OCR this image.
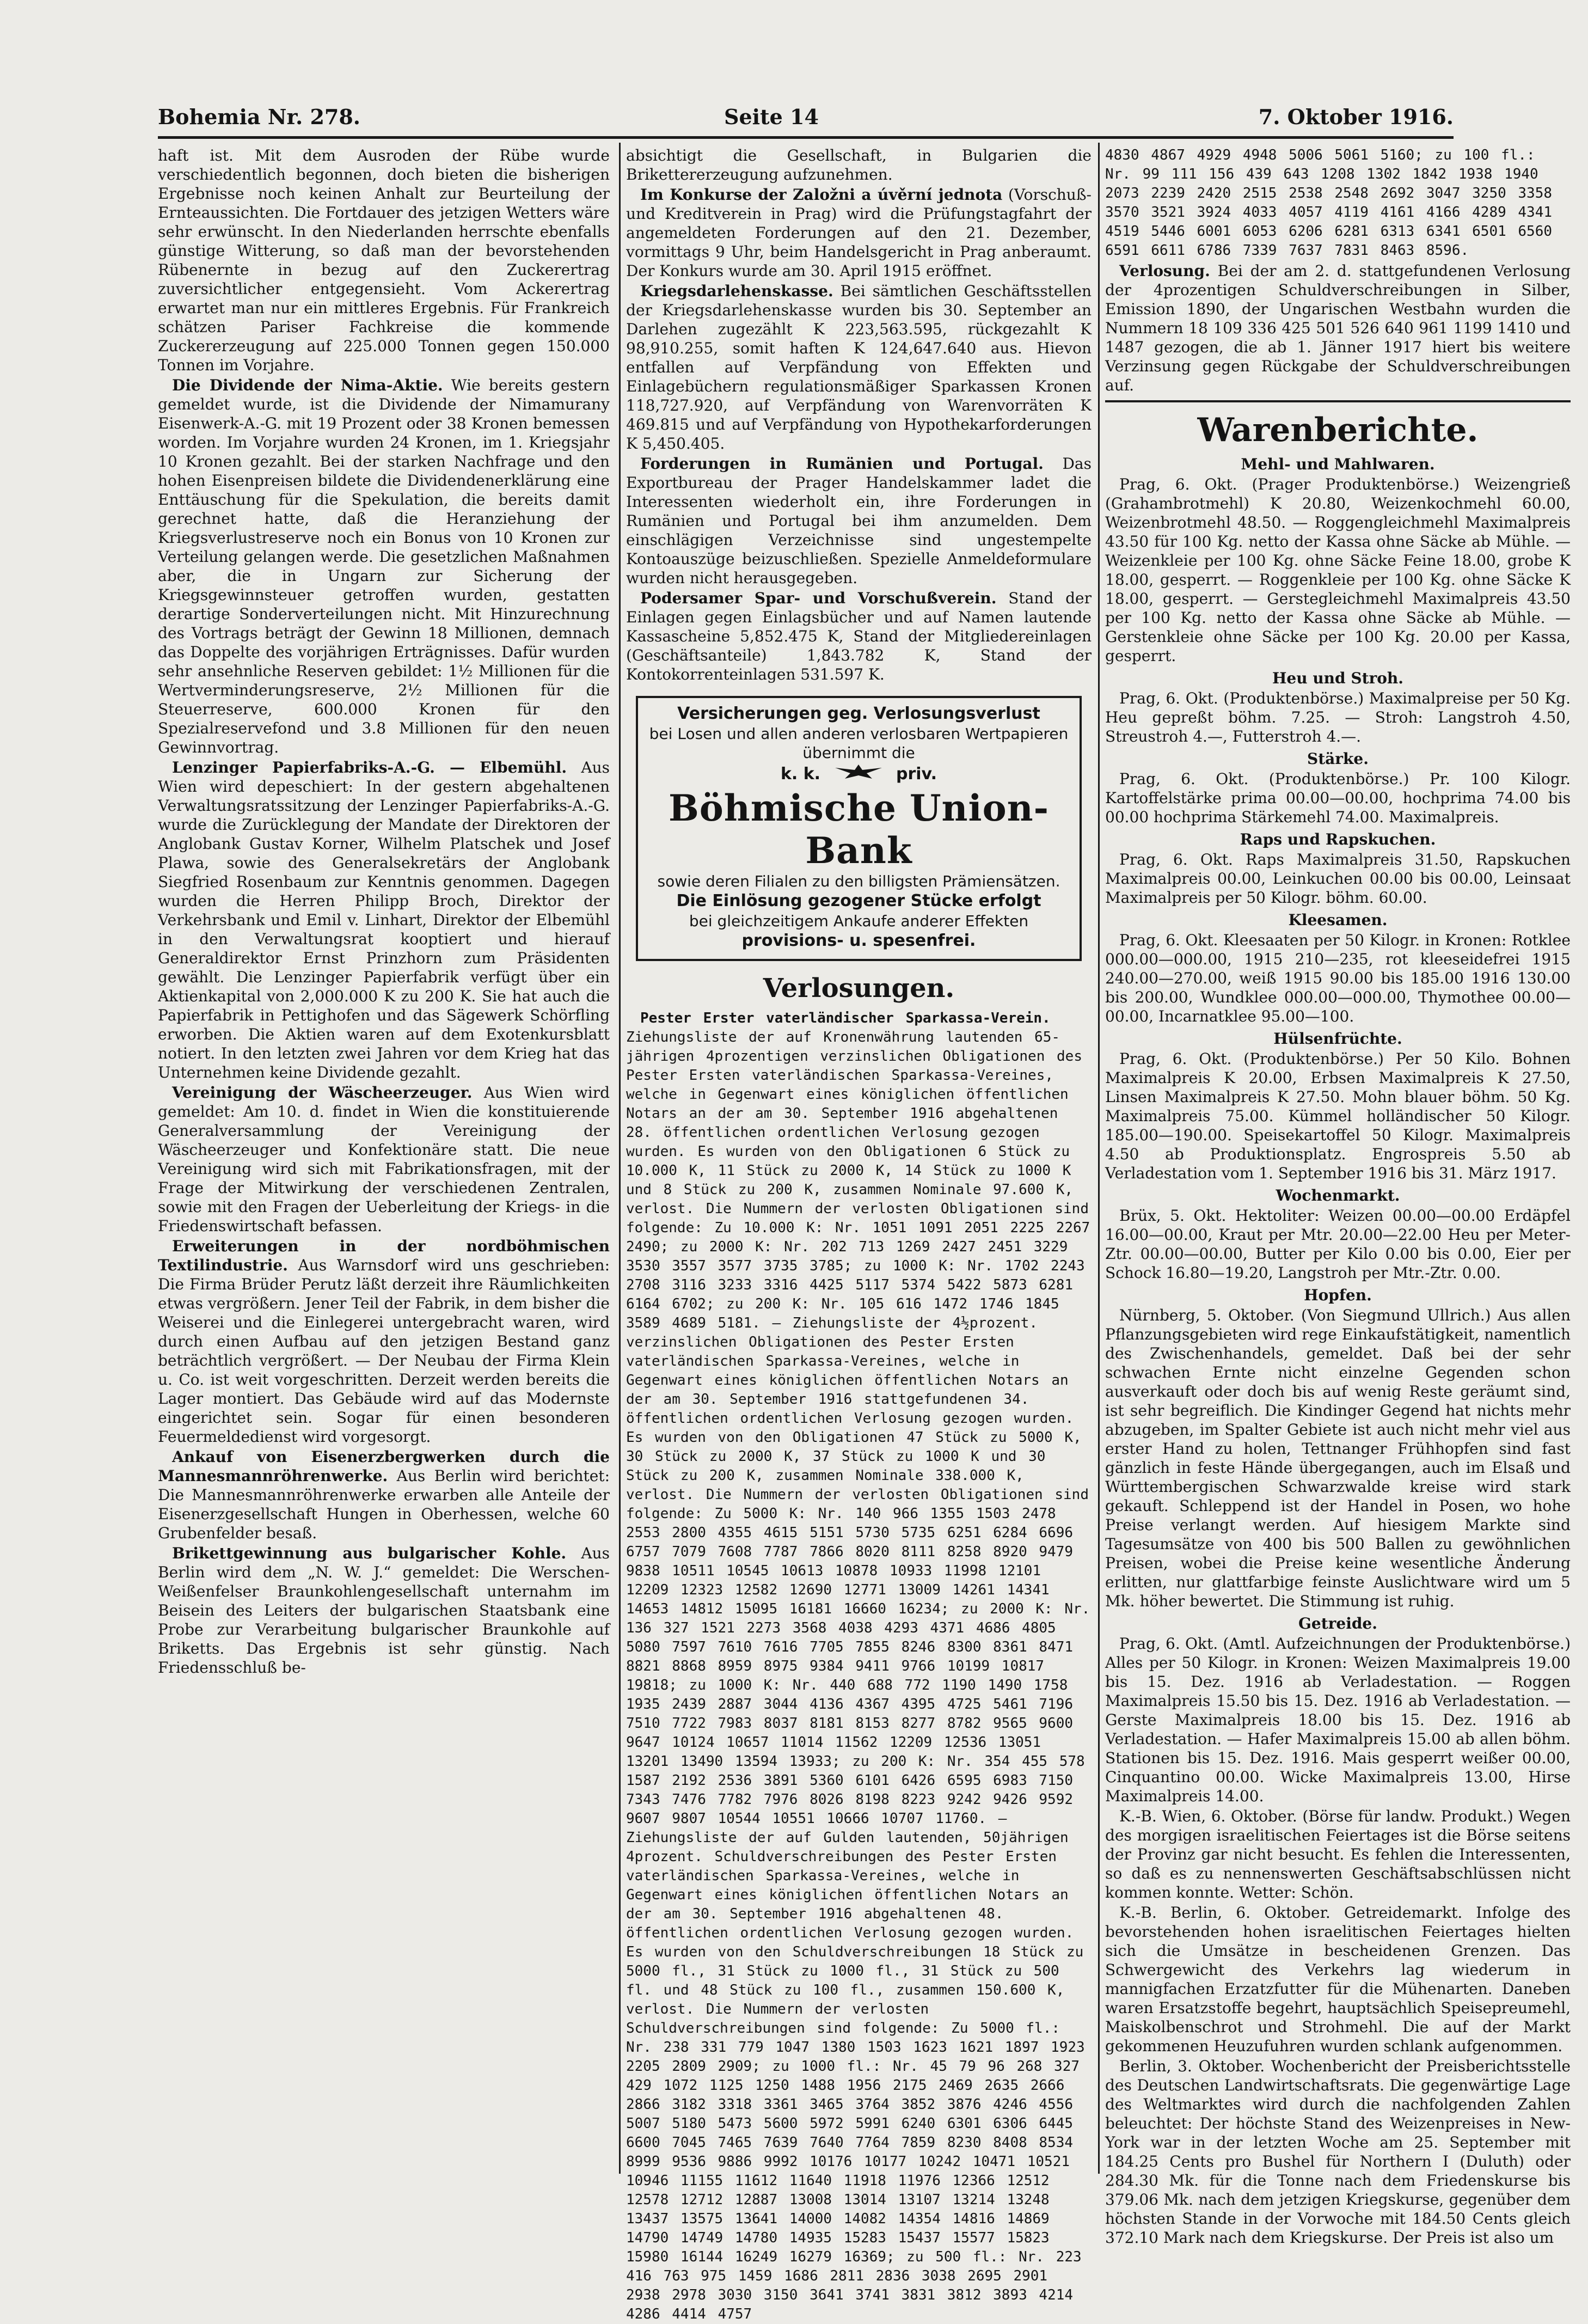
Bohemia Nr. 278.	Seite 14	7. Oktober 1916.

haft ist. Mit dem Ausroden der Rübe wurde verschiedentlich begonnen, doch bieten die bisherigen Ergebnisse noch keinen Anhalt zur Beurteilung der Ernteaussichten. Die Fortdauer des jetzigen Wetters wäre sehr erwünscht. In den Niederlanden herrschte ebenfalls günstige Witterung, so daß man der bevorstehenden Rübenernte in bezug auf den Zuckerertrag zuversichtlicher entgegensieht. Vom Ackerertrag erwartet man nur ein mittleres Ergebnis. Für Frankreich schätzen Pariser Fachkreise die kommende Zuckererzeugung auf 225.000 Tonnen gegen 150.000 Tonnen im Vorjahre.

Die Dividende der Nima-Aktie. Wie bereits gestern gemeldet wurde, ist die Dividende der Nimamurany Eisenwerk-A.-G. mit 19 Prozent oder 38 Kronen bemessen worden. Im Vorjahre wurden 24 Kronen, im 1. Kriegsjahr 10 Kronen gezahlt. Bei der starken Nachfrage und den hohen Eisenpreisen bildete die Dividendenerklärung eine Enttäuschung für die Spekulation, die bereits damit gerechnet hatte, daß die Heranziehung der Kriegsverlustreserve noch ein Bonus von 10 Kronen zur Verteilung gelangen werde. Die gesetzlichen Maßnahmen aber, die in Ungarn zur Sicherung der Kriegsgewinnsteuer getroffen wurden, gestatten derartige Sonderverteilungen nicht. Mit Hinzurechnung des Vortrags beträgt der Gewinn 18 Millionen, demnach das Doppelte des vorjährigen Erträgnisses. Dafür wurden sehr ansehnliche Reserven gebildet: 1½ Millionen für die Wertverminderungsreserve, 2½ Millionen für die Steuerreserve, 600.000 Kronen für den Spezialreservefond und 3.8 Millionen für den neuen Gewinnvortrag.

Lenzinger Papierfabriks-A.-G. — Elbemühl. Aus Wien wird depeschiert: In der gestern abgehaltenen Verwaltungsratssitzung der Lenzinger Papierfabriks-A.-G. wurde die Zurücklegung der Mandate der Direktoren der Anglobank Gustav Korner, Wilhelm Platschek und Josef Plawa, sowie des Generalsekretärs der Anglobank Siegfried Rosenbaum zur Kenntnis genommen. Dagegen wurden die Herren Philipp Broch, Direktor der Verkehrsbank und Emil v. Linhart, Direktor der Elbemühl in den Verwaltungsrat kooptiert und hierauf Generaldirektor Ernst Prinzhorn zum Präsidenten gewählt. Die Lenzinger Papierfabrik verfügt über ein Aktienkapital von 2,000.000 K zu 200 K. Sie hat auch die Papierfabrik in Pettighofen und das Sägewerk Schörfling erworben. Die Aktien waren auf dem Exotenkursblatt notiert. In den letzten zwei Jahren vor dem Krieg hat das Unternehmen keine Dividende gezahlt.

Vereinigung der Wäscheerzeuger. Aus Wien wird gemeldet: Am 10. d. findet in Wien die konstituierende Generalversammlung der Vereinigung der Wäscheerzeuger und Konfektionäre statt. Die neue Vereinigung wird sich mit Fabrikationsfragen, mit der Frage der Mitwirkung der verschiedenen Zentralen, sowie mit den Fragen der Ueberleitung der Kriegs- in die Friedenswirtschaft befassen.

Erweiterungen in der nordböhmischen Textilindustrie. Aus Warnsdorf wird uns geschrieben: Die Firma Brüder Perutz läßt derzeit ihre Räumlichkeiten etwas vergrößern. Jener Teil der Fabrik, in dem bisher die Weiserei und die Einlegerei untergebracht waren, wird durch einen Aufbau auf den jetzigen Bestand ganz beträchtlich vergrößert. — Der Neubau der Firma Klein u. Co. ist weit vorgeschritten. Derzeit werden bereits die Lager montiert. Das Gebäude wird auf das Modernste eingerichtet sein. Sogar für einen besonderen Feuermeldedienst wird vorgesorgt.

Ankauf von Eisenerzbergwerken durch die Mannesmannröhrenwerke. Aus Berlin wird berichtet: Die Mannesmannröhrenwerke erwarben alle Anteile der Eisenerzgesellschaft Hungen in Oberhessen, welche 60 Grubenfelder besaß.

Brikettgewinnung aus bulgarischer Kohle. Aus Berlin wird dem „N. W. J.“ gemeldet: Die Werschen-Weißenfelser Braunkohlengesellschaft unternahm im Beisein des Leiters der bulgarischen Staatsbank eine Probe zur Verarbeitung bulgarischer Braunkohle auf Briketts. Das Ergebnis ist sehr günstig. Nach Friedensschluß be-

absichtigt die Gesellschaft, in Bulgarien die Brikettererzeugung aufzunehmen.

Im Konkurse der Založni a úvěrní jednota (Vorschuß- und Kreditverein in Prag) wird die Prüfungstagfahrt der angemeldeten Forderungen auf den 21. Dezember, vormittags 9 Uhr, beim Handelsgericht in Prag anberaumt. Der Konkurs wurde am 30. April 1915 eröffnet.

Kriegsdarlehenskasse. Bei sämtlichen Geschäftsstellen der Kriegsdarlehenskasse wurden bis 30. September an Darlehen zugezählt K 223,563.595, rückgezahlt K 98,910.255, somit haften K 124,647.640 aus. Hievon entfallen auf Verpfändung von Effekten und Einlagebüchern regulationsmäßiger Sparkassen Kronen 118,727.920, auf Verpfändung von Warenvorräten K 469.815 und auf Verpfändung von Hypothekarforderungen K 5,450.405.

Forderungen in Rumänien und Portugal. Das Exportbureau der Prager Handelskammer ladet die Interessenten wiederholt ein, ihre Forderungen in Rumänien und Portugal bei ihm anzumelden. Dem einschlägigen Verzeichnisse sind ungestempelte Kontoauszüge beizuschließen. Spezielle Anmeldeformulare wurden nicht herausgegeben.

Podersamer Spar- und Vorschußverein. Stand der Einlagen gegen Einlagsbücher und auf Namen lautende Kassascheine 5,852.475 K, Stand der Mitgliedereinlagen (Geschäftsanteile) 1,843.782 K, Stand der Kontokorrenteinlagen 531.597 K.

Versicherungen geg. Verlosungsverlust
bei Losen und allen anderen verlosbaren Wertpapieren übernimmt die
k. k.	priv.
Böhmische Union-Bank
sowie deren Filialen zu den billigsten Prämiensätzen.
Die Einlösung gezogener Stücke erfolgt
bei gleichzeitigem Ankaufe anderer Effekten
provisions- u. spesenfrei.
Verlosungen.

Pester Erster vaterländischer Sparkassa-Verein. Ziehungsliste der auf Kronenwährung lautenden 65-jährigen 4prozentigen verzinslichen Obligationen des Pester Ersten vaterländischen Sparkassa-Vereines, welche in Gegenwart eines königlichen öffentlichen Notars an der am 30. September 1916 abgehaltenen 28. öffentlichen ordentlichen Verlosung gezogen wurden. Es wurden von den Obligationen 6 Stück zu 10.000 K, 11 Stück zu 2000 K, 14 Stück zu 1000 K und 8 Stück zu 200 K, zusammen Nominale 97.600 K, verlost. Die Nummern der verlosten Obligationen sind folgende: Zu 10.000 K: Nr. 1051 1091 2051 2225 2267 2490; zu 2000 K: Nr. 202 713 1269 2427 2451 3229 3530 3557 3577 3735 3785; zu 1000 K: Nr. 1702 2243 2708 3116 3233 3316 4425 5117 5374 5422 5873 6281 6164 6702; zu 200 K: Nr. 105 616 1472 1746 1845 3589 4689 5181. — Ziehungsliste der 4½prozent. verzinslichen Obligationen des Pester Ersten vaterländischen Sparkassa-Vereines, welche in Gegenwart eines königlichen öffentlichen Notars an der am 30. September 1916 stattgefundenen 34. öffentlichen ordentlichen Verlosung gezogen wurden. Es wurden von den Obligationen 47 Stück zu 5000 K, 30 Stück zu 2000 K, 37 Stück zu 1000 K und 30 Stück zu 200 K, zusammen Nominale 338.000 K, verlost. Die Nummern der verlosten Obligationen sind folgende: Zu 5000 K: Nr. 140 966 1355 1503 2478 2553 2800 4355 4615 5151 5730 5735 6251 6284 6696 6757 7079 7608 7787 7866 8020 8111 8258 8920 9479 9838 10511 10545 10613 10878 10933 11998 12101 12209 12323 12582 12690 12771 13009 14261 14341 14653 14812 15095 16181 16660 16234; zu 2000 K: Nr. 136 327 1521 2273 3568 4038 4293 4371 4686 4805 5080 7597 7610 7616 7705 7855 8246 8300 8361 8471 8821 8868 8959 8975 9384 9411 9766 10199 10817 19818; zu 1000 K: Nr. 440 688 772 1190 1490 1758 1935 2439 2887 3044 4136 4367 4395 4725 5461 7196 7510 7722 7983 8037 8181 8153 8277 8782 9565 9600 9647 10124 10657 11014 11562 12209 12536 13051 13201 13490 13594 13933; zu 200 K: Nr. 354 455 578 1587 2192 2536 3891 5360 6101 6426 6595 6983 7150 7343 7476 7782 7976 8026 8198 8223 9242 9426 9592 9607 9807 10544 10551 10666 10707 11760. — Ziehungsliste der auf Gulden lautenden, 50jährigen 4prozent. Schuldverschreibungen des Pester Ersten vaterländischen Sparkassa-Vereines, welche in Gegenwart eines königlichen öffentlichen Notars an der am 30. September 1916 abgehaltenen 48. öffentlichen ordentlichen Verlosung gezogen wurden. Es wurden von den Schuldverschreibungen 18 Stück zu 5000 fl., 31 Stück zu 1000 fl., 31 Stück zu 500 fl. und 48 Stück zu 100 fl., zusammen 150.600 K, verlost. Die Nummern der verlosten Schuldverschreibungen sind folgende: Zu 5000 fl.: Nr. 238 331 779 1047 1380 1503 1623 1621 1897 1923 2205 2809 2909; zu 1000 fl.: Nr. 45 79 96 268 327 429 1072 1125 1250 1488 1956 2175 2469 2635 2666 2866 3182 3318 3361 3465 3764 3852 3876 4246 4556 5007 5180 5473 5600 5972 5991 6240 6301 6306 6445 6600 7045 7465 7639 7640 7764 7859 8230 8408 8534 8999 9536 9886 9992 10176 10177 10242 10471 10521 10946 11155 11612 11640 11918 11976 12366 12512 12578 12712 12887 13008 13014 13107 13214 13248 13437 13575 13641 14000 14082 14354 14816 14869 14790 14749 14780 14935 15283 15437 15577 15823 15980 16144 16249 16279 16369; zu 500 fl.: Nr. 223 416 763 975 1459 1686 2811 2836 3038 2695 2901 2938 2978 3030 3150 3641 3741 3831 3812 3893 4214 4286 4414 4757

4830 4867 4929 4948 5006 5061 5160; zu 100 fl.: Nr. 99 111 156 439 643 1208 1302 1842 1938 1940 2073 2239 2420 2515 2538 2548 2692 3047 3250 3358 3570 3521 3924 4033 4057 4119 4161 4166 4289 4341 4519 5446 6001 6053 6206 6281 6313 6341 6501 6560 6591 6611 6786 7339 7637 7831 8463 8596.

Verlosung. Bei der am 2. d. stattgefundenen Verlosung der 4prozentigen Schuldverschreibungen in Silber, Emission 1890, der Ungarischen Westbahn wurden die Nummern 18 109 336 425 501 526 640 961 1199 1410 und 1487 gezogen, die ab 1. Jänner 1917 hiert bis weitere Verzinsung gegen Rückgabe der Schuldverschreibungen auf.

Warenberichte.
Mehl- und Mahlwaren.

Prag, 6. Okt. (Prager Produktenbörse.) Weizengrieß (Grahambrotmehl) K 20.80, Weizenkochmehl 60.00, Weizenbrotmehl 48.50. — Roggengleichmehl Maximalpreis 43.50 für 100 Kg. netto der Kassa ohne Säcke ab Mühle. — Weizenkleie per 100 Kg. ohne Säcke Feine 18.00, grobe K 18.00, gesperrt. — Roggenkleie per 100 Kg. ohne Säcke K 18.00, gesperrt. — Gerstegleichmehl Maximalpreis 43.50 per 100 Kg. netto der Kassa ohne Säcke ab Mühle. — Gerstenkleie ohne Säcke per 100 Kg. 20.00 per Kassa, gesperrt.

Heu und Stroh.

Prag, 6. Okt. (Produktenbörse.) Maximalpreise per 50 Kg. Heu gepreßt böhm. 7.25. — Stroh: Langstroh 4.50, Streustroh 4.—, Futterstroh 4.—.

Stärke.

Prag, 6. Okt. (Produktenbörse.) Pr. 100 Kilogr. Kartoffelstärke prima 00.00—00.00, hochprima 74.00 bis 00.00 hochprima Stärkemehl 74.00. Maximalpreis.

Raps und Rapskuchen.

Prag, 6. Okt. Raps Maximalpreis 31.50, Rapskuchen Maximalpreis 00.00, Leinkuchen 00.00 bis 00.00, Leinsaat Maximalpreis per 50 Kilogr. böhm. 60.00.

Kleesamen.

Prag, 6. Okt. Kleesaaten per 50 Kilogr. in Kronen: Rotklee 000.00—000.00, 1915 210—235, rot kleeseidefrei 1915 240.00—270.00, weiß 1915 90.00 bis 185.00 1916 130.00 bis 200.00, Wundklee 000.00—000.00, Thymothee 00.00—00.00, Incarnatklee 95.00—100.

Hülsenfrüchte.

Prag, 6. Okt. (Produktenbörse.) Per 50 Kilo. Bohnen Maximalpreis K 20.00, Erbsen Maximalpreis K 27.50, Linsen Maximalpreis K 27.50. Mohn blauer böhm. 50 Kg. Maximalpreis 75.00. Kümmel holländischer 50 Kilogr. 185.00—190.00. Speisekartoffel 50 Kilogr. Maximalpreis 4.50 ab Produktionsplatz. Engrospreis 5.50 ab Verladestation vom 1. September 1916 bis 31. März 1917.

Wochenmarkt.

Brüx, 5. Okt. Hektoliter: Weizen 00.00—00.00 Erdäpfel 16.00—00.00, Kraut per Mtr. 20.00—22.00 Heu per Meter-Ztr. 00.00—00.00, Butter per Kilo 0.00 bis 0.00, Eier per Schock 16.80—19.20, Langstroh per Mtr.-Ztr. 0.00.

Hopfen.

Nürnberg, 5. Oktober. (Von Siegmund Ullrich.) Aus allen Pflanzungsgebieten wird rege Einkaufstätigkeit, namentlich des Zwischenhandels, gemeldet. Daß bei der sehr schwachen Ernte nicht einzelne Gegenden schon ausverkauft oder doch bis auf wenig Reste geräumt sind, ist sehr begreiflich. Die Kindinger Gegend hat nichts mehr abzugeben, im Spalter Gebiete ist auch nicht mehr viel aus erster Hand zu holen, Tettnanger Frühhopfen sind fast gänzlich in feste Hände übergegangen, auch im Elsaß und Württembergischen Schwarzwalde kreise wird stark gekauft. Schleppend ist der Handel in Posen, wo hohe Preise verlangt werden. Auf hiesigem Markte sind Tagesumsätze von 400 bis 500 Ballen zu gewöhnlichen Preisen, wobei die Preise keine wesentliche Änderung erlitten, nur glattfarbige feinste Auslichtware wird um 5 Mk. höher bewertet. Die Stimmung ist ruhig.

Getreide.

Prag, 6. Okt. (Amtl. Aufzeichnungen der Produktenbörse.) Alles per 50 Kilogr. in Kronen: Weizen Maximalpreis 19.00 bis 15. Dez. 1916 ab Verladestation. — Roggen Maximalpreis 15.50 bis 15. Dez. 1916 ab Verladestation. — Gerste Maximalpreis 18.00 bis 15. Dez. 1916 ab Verladestation. — Hafer Maximalpreis 15.00 ab allen böhm. Stationen bis 15. Dez. 1916. Mais gesperrt weißer 00.00, Cinquantino 00.00. Wicke Maximalpreis 13.00, Hirse Maximalpreis 14.00.

K.-B. Wien, 6. Oktober. (Börse für landw. Produkt.) Wegen des morgigen israelitischen Feiertages ist die Börse seitens der Provinz gar nicht besucht. Es fehlen die Interessenten, so daß es zu nennenswerten Geschäftsabschlüssen nicht kommen konnte. Wetter: Schön.

K.-B. Berlin, 6. Oktober. Getreidemarkt. Infolge des bevorstehenden hohen israelitischen Feiertages hielten sich die Umsätze in bescheidenen Grenzen. Das Schwergewicht des Verkehrs lag wiederum in mannigfachen Erzatzfutter für die Mühenarten. Daneben waren Ersatzstoffe begehrt, hauptsächlich Speisepreumehl, Maiskolbenschrot und Strohmehl. Die auf der Markt gekommenen Heuzufuhren wurden schlank aufgenommen.

Berlin, 3. Oktober. Wochenbericht der Preisberichtsstelle des Deutschen Landwirtschaftsrats. Die gegenwärtige Lage des Weltmarktes wird durch die nachfolgenden Zahlen beleuchtet: Der höchste Stand des Weizenpreises in New-York war in der letzten Woche am 25. September mit 184.25 Cents pro Bushel für Northern I (Duluth) oder 284.30 Mk. für die Tonne nach dem Friedenskurse bis 379.06 Mk. nach dem jetzigen Kriegskurse, gegenüber dem höchsten Stande in der Vorwoche mit 184.50 Cents gleich 372.10 Mark nach dem Kriegskurse. Der Preis ist also um
